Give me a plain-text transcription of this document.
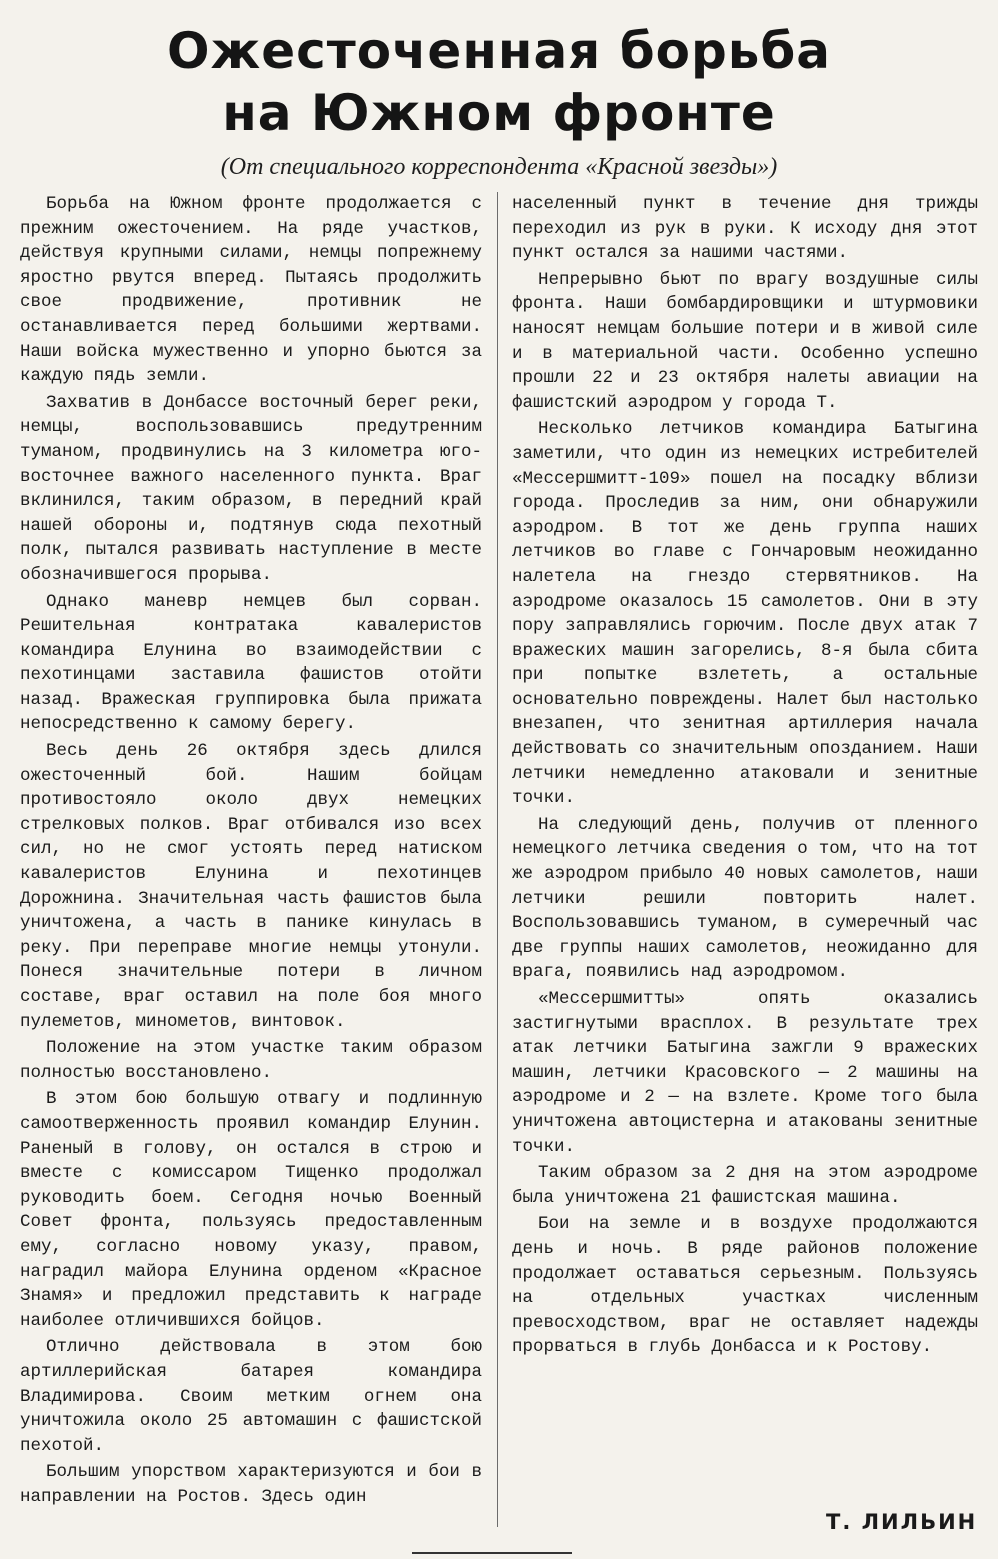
Ожесточенная борьба
на Южном фронте
(От специального корреспондента «Красной звезды»)

Борьба на Южном фронте продолжается с прежним ожесточением. На ряде участков, действуя крупными силами, немцы попрежнему яростно рвутся вперед. Пытаясь продолжить свое продвижение, противник не останавливается перед большими жертвами. Наши войска мужественно и упорно бьются за каждую пядь земли.

Захватив в Донбассе восточный берег реки, немцы, воспользовавшись предутренним туманом, продвинулись на 3 километра юго-восточнее важного населенного пункта. Враг вклинился, таким образом, в передний край нашей обороны и, подтянув сюда пехотный полк, пытался развивать наступление в месте обозначившегося прорыва.

Однако маневр немцев был сорван. Решительная контратака кавалеристов командира Елунина во взаимодействии с пехотинцами заставила фашистов отойти назад. Вражеская группировка была прижата непосредственно к самому берегу.

Весь день 26 октября здесь длился ожесточенный бой. Нашим бойцам противостояло около двух немецких стрелковых полков. Враг отбивался изо всех сил, но не смог устоять перед натиском кавалеристов Елунина и пехотинцев Дорожнина. Значительная часть фашистов была уничтожена, а часть в панике кинулась в реку. При переправе многие немцы утонули. Понеся значительные потери в личном составе, враг оставил на поле боя много пулеметов, минометов, винтовок.

Положение на этом участке таким образом полностью восстановлено.

В этом бою большую отвагу и подлинную самоотверженность проявил командир Елунин. Раненый в голову, он остался в строю и вместе с комиссаром Тищенко продолжал руководить боем. Сегодня ночью Военный Совет фронта, пользуясь предоставленным ему, согласно новому указу, правом, наградил майора Елунина орденом «Красное Знамя» и предложил представить к награде наиболее отличившихся бойцов.

Отлично действовала в этом бою артиллерийская батарея командира Владимирова. Своим метким огнем она уничтожила около 25 автомашин с фашистской пехотой.

Большим упорством характеризуются и бои в направлении на Ростов. Здесь один

населенный пункт в течение дня трижды переходил из рук в руки. К исходу дня этот пункт остался за нашими частями.

Непрерывно бьют по врагу воздушные силы фронта. Наши бомбардировщики и штурмовики наносят немцам большие потери и в живой силе и в материальной части. Особенно успешно прошли 22 и 23 октября налеты авиации на фашистский аэродром у города Т.

Несколько летчиков командира Батыгина заметили, что один из немецких истребителей «Мессершмитт-109» пошел на посадку вблизи города. Проследив за ним, они обнаружили аэродром. В тот же день группа наших летчиков во главе с Гончаровым неожиданно налетела на гнездо стервятников. На аэродроме оказалось 15 самолетов. Они в эту пору заправлялись горючим. После двух атак 7 вражеских машин загорелись, 8-я была сбита при попытке взлететь, а остальные основательно повреждены. Налет был настолько внезапен, что зенитная артиллерия начала действовать со значительным опозданием. Наши летчики немедленно атаковали и зенитные точки.

На следующий день, получив от пленного немецкого летчика сведения о том, что на тот же аэродром прибыло 40 новых самолетов, наши летчики решили повторить налет. Воспользовавшись туманом, в сумеречный час две группы наших самолетов, неожиданно для врага, появились над аэродромом.

«Мессершмитты» опять оказались застигнутыми врасплох. В результате трех атак летчики Батыгина зажгли 9 вражеских машин, летчики Красовского — 2 машины на аэродроме и 2 — на взлете. Кроме того была уничтожена автоцистерна и атакованы зенитные точки.

Таким образом за 2 дня на этом аэродроме была уничтожена 21 фашистская машина.

Бои на земле и в воздухе продолжаются день и ночь. В ряде районов положение продолжает оставаться серьезным. Пользуясь на отдельных участках численным превосходством, враг не оставляет надежды прорваться в глубь Донбасса и к Ростову.

Т. ЛИЛЬИН
